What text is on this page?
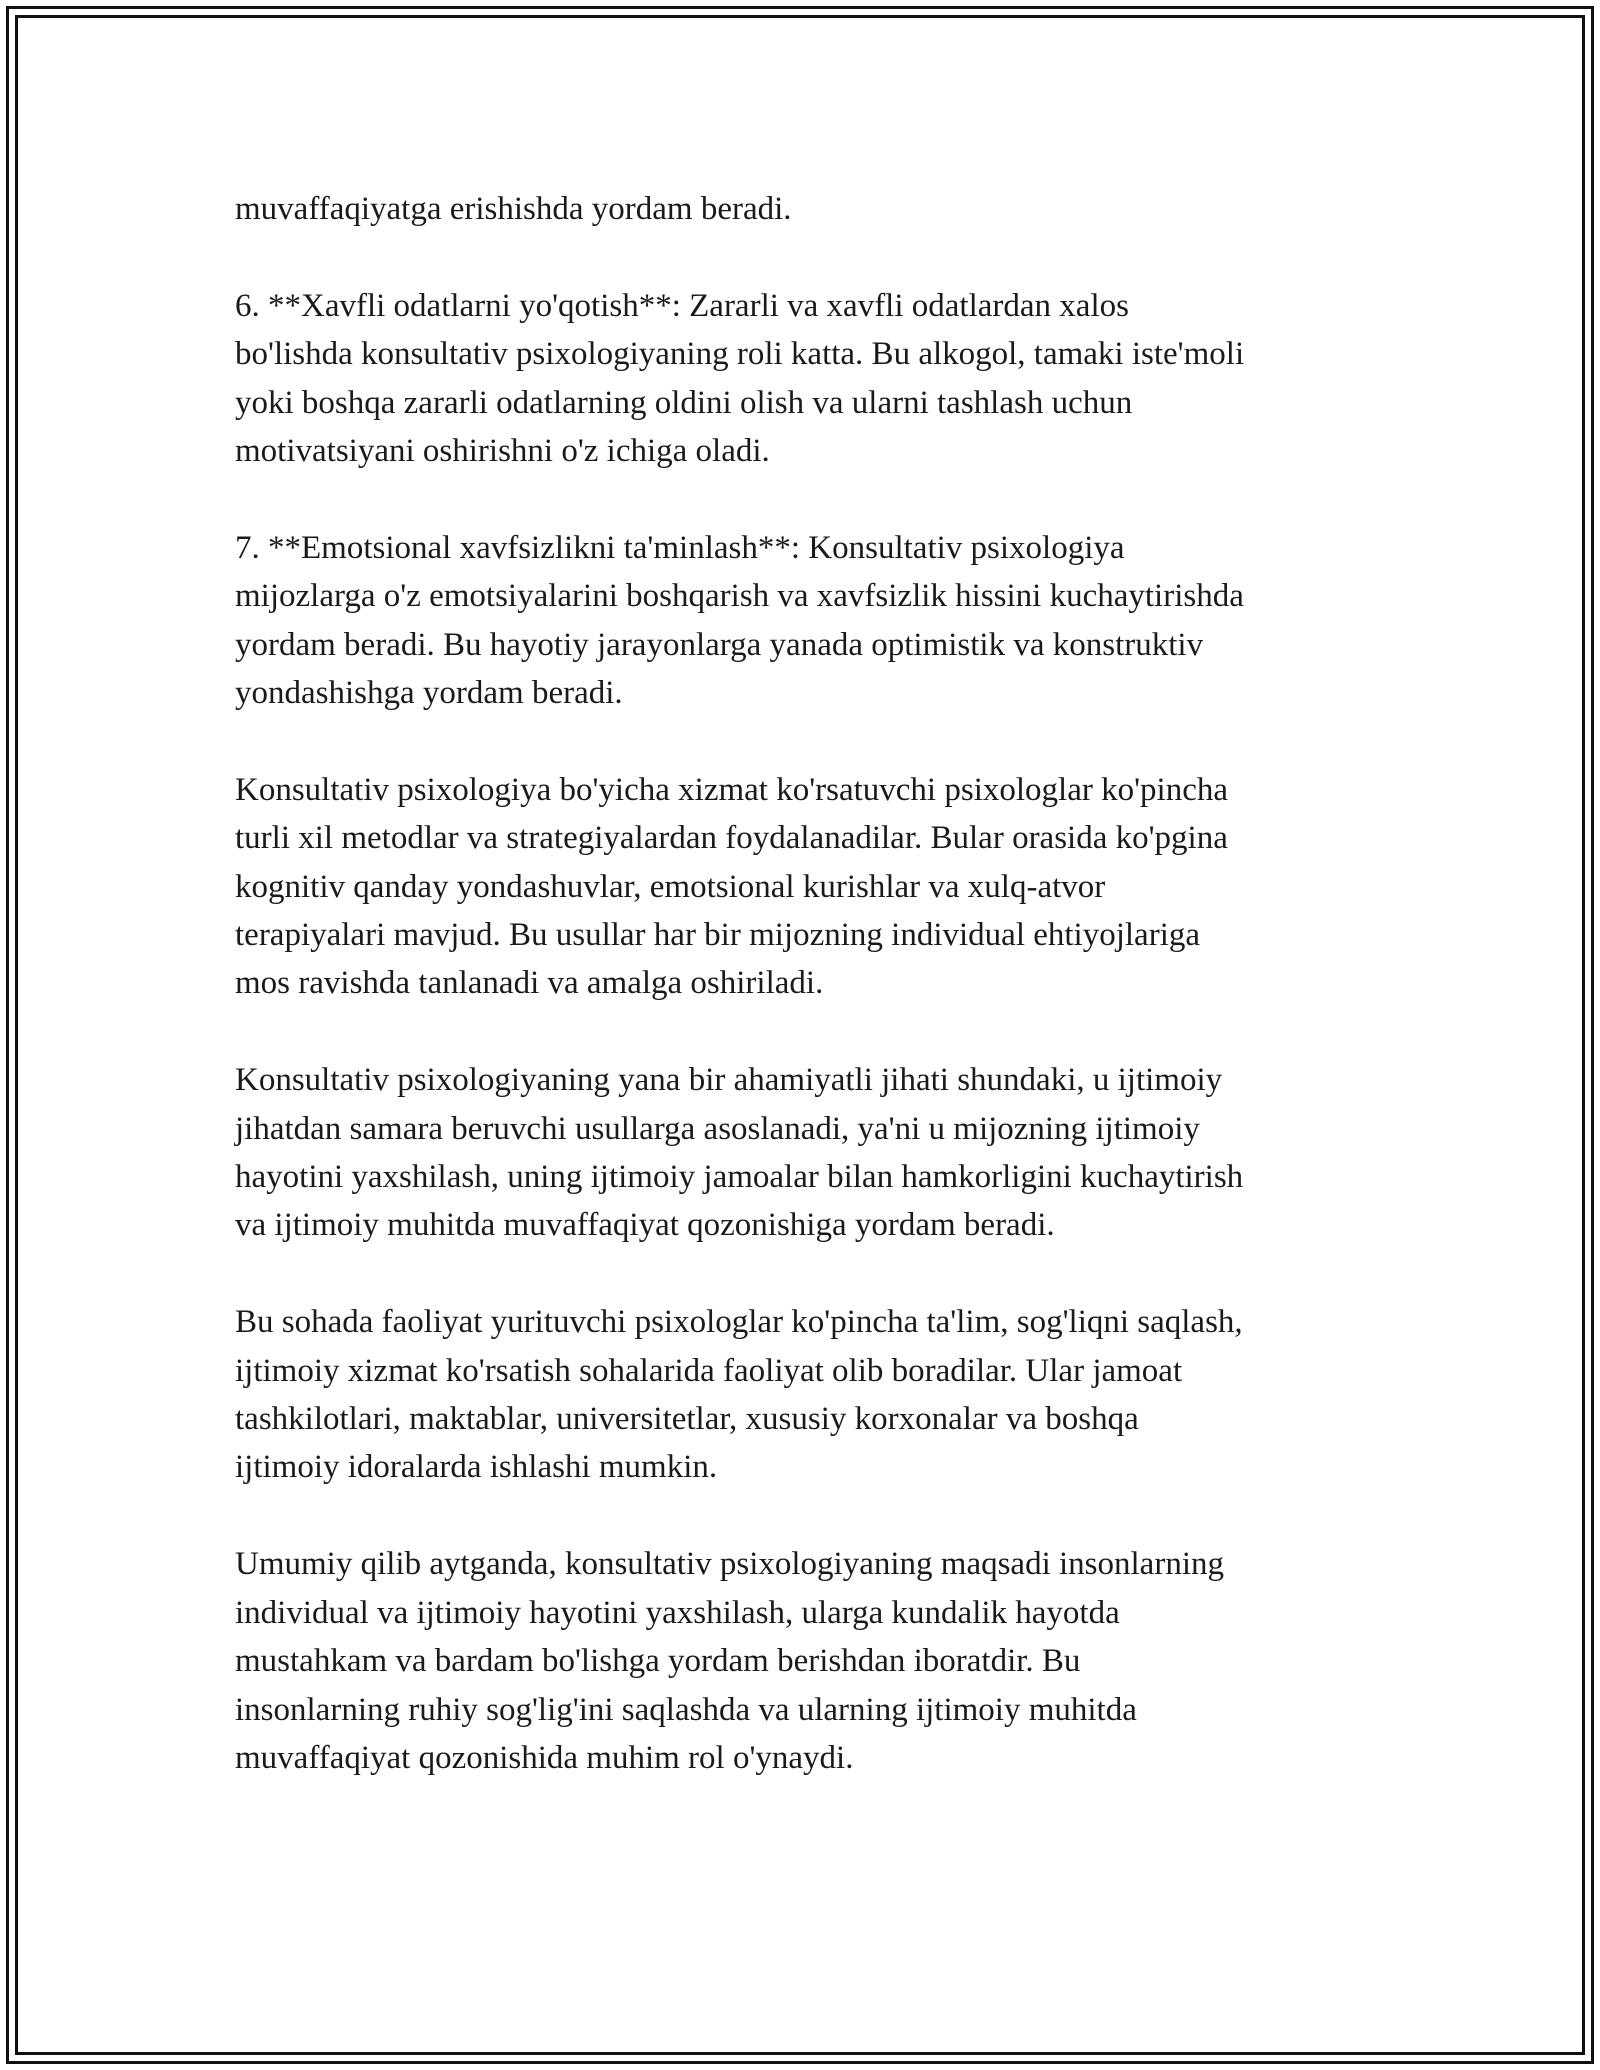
muvaffaqiyatga erishishda yordam beradi.

6. **Xavfli odatlarni yo'qotish**: Zararli va xavfli odatlardan xalos
bo'lishda konsultativ psixologiyaning roli katta. Bu alkogol, tamaki iste'moli
yoki boshqa zararli odatlarning oldini olish va ularni tashlash uchun
motivatsiyani oshirishni o'z ichiga oladi.

7. **Emotsional xavfsizlikni ta'minlash**: Konsultativ psixologiya
mijozlarga o'z emotsiyalarini boshqarish va xavfsizlik hissini kuchaytirishda
yordam beradi. Bu hayotiy jarayonlarga yanada optimistik va konstruktiv
yondashishga yordam beradi.

Konsultativ psixologiya bo'yicha xizmat ko'rsatuvchi psixologlar ko'pincha
turli xil metodlar va strategiyalardan foydalanadilar. Bular orasida ko'pgina
kognitiv qanday yondashuvlar, emotsional kurishlar va xulq-atvor
terapiyalari mavjud. Bu usullar har bir mijozning individual ehtiyojlariga
mos ravishda tanlanadi va amalga oshiriladi.

Konsultativ psixologiyaning yana bir ahamiyatli jihati shundaki, u ijtimoiy
jihatdan samara beruvchi usullarga asoslanadi, ya'ni u mijozning ijtimoiy
hayotini yaxshilash, uning ijtimoiy jamoalar bilan hamkorligini kuchaytirish
va ijtimoiy muhitda muvaffaqiyat qozonishiga yordam beradi.

Bu sohada faoliyat yurituvchi psixologlar ko'pincha ta'lim, sog'liqni saqlash,
ijtimoiy xizmat ko'rsatish sohalarida faoliyat olib boradilar. Ular jamoat
tashkilotlari, maktablar, universitetlar, xususiy korxonalar va boshqa
ijtimoiy idoralarda ishlashi mumkin.

Umumiy qilib aytganda, konsultativ psixologiyaning maqsadi insonlarning
individual va ijtimoiy hayotini yaxshilash, ularga kundalik hayotda
mustahkam va bardam bo'lishga yordam berishdan iboratdir. Bu
insonlarning ruhiy sog'lig'ini saqlashda va ularning ijtimoiy muhitda
muvaffaqiyat qozonishida muhim rol o'ynaydi.
